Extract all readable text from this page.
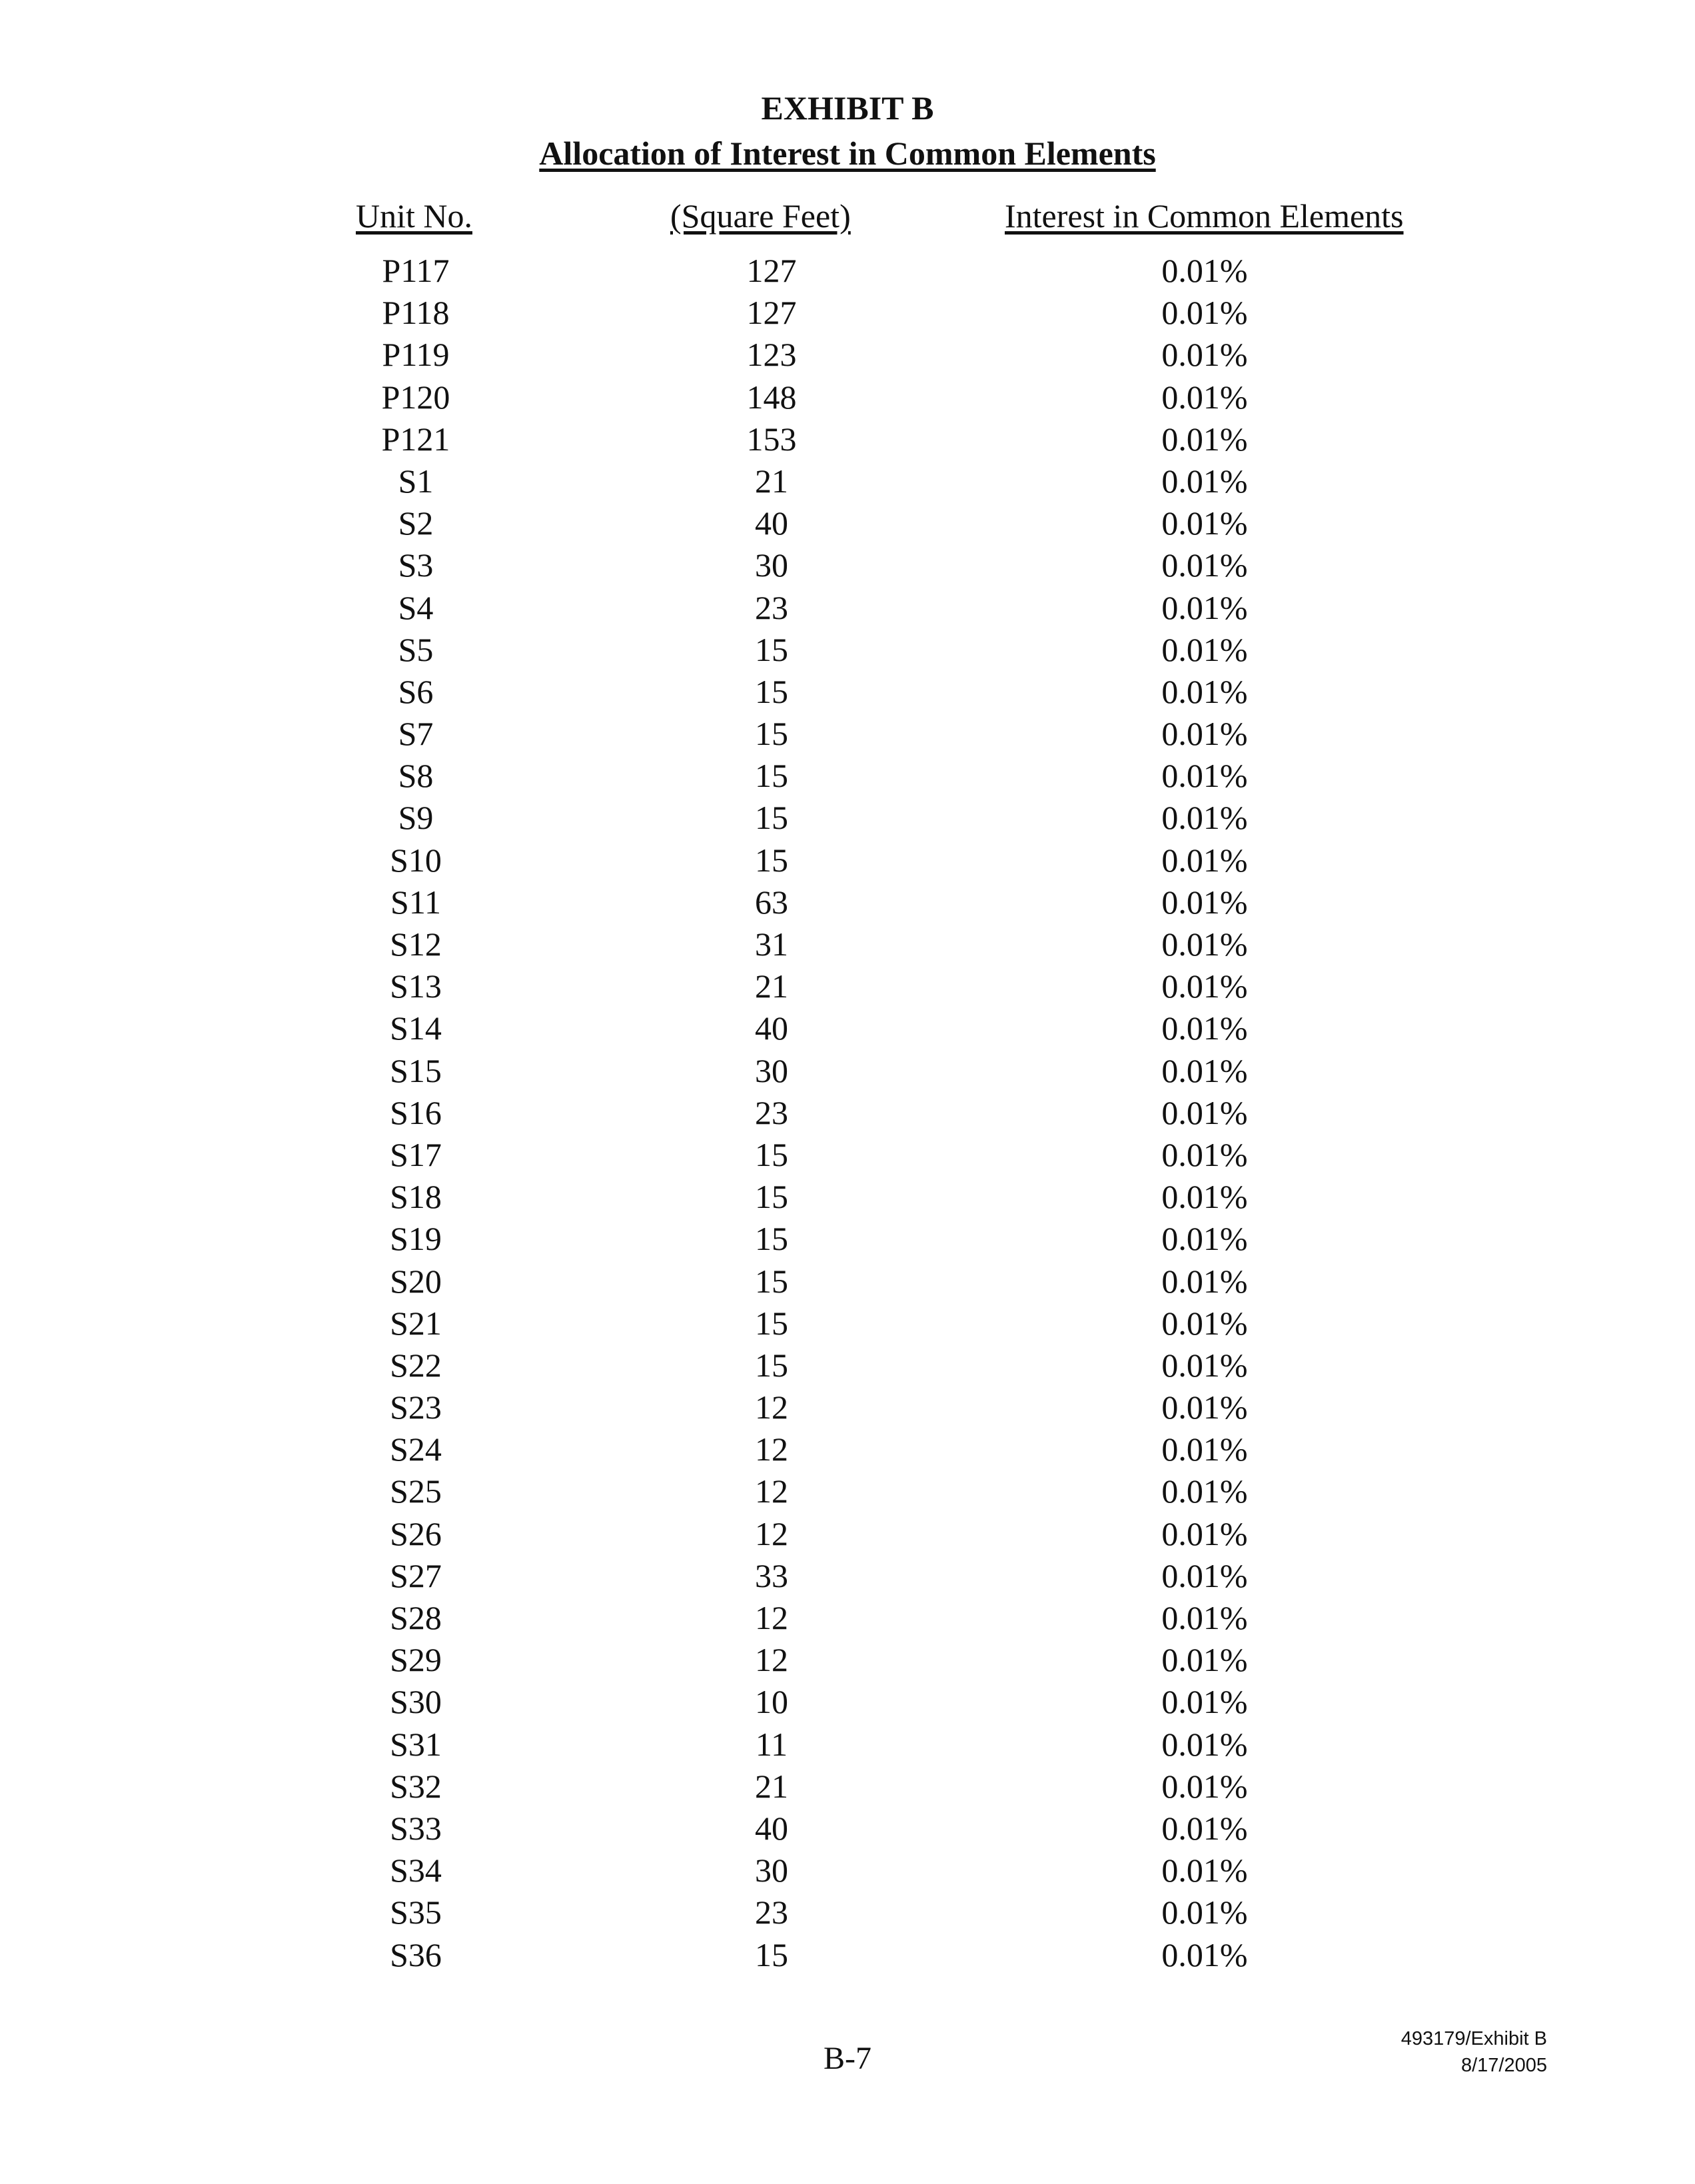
EXHIBIT B
Allocation of Interest in Common Elements
Unit No.	(Square Feet)	Interest in Common Elements
P117	127	0.01%
P118	127	0.01%
P119	123	0.01%
P120	148	0.01%
P121	153	0.01%
S1	21	0.01%
S2	40	0.01%
S3	30	0.01%
S4	23	0.01%
S5	15	0.01%
S6	15	0.01%
S7	15	0.01%
S8	15	0.01%
S9	15	0.01%
S10	15	0.01%
S11	63	0.01%
S12	31	0.01%
S13	21	0.01%
S14	40	0.01%
S15	30	0.01%
S16	23	0.01%
S17	15	0.01%
S18	15	0.01%
S19	15	0.01%
S20	15	0.01%
S21	15	0.01%
S22	15	0.01%
S23	12	0.01%
S24	12	0.01%
S25	12	0.01%
S26	12	0.01%
S27	33	0.01%
S28	12	0.01%
S29	12	0.01%
S30	10	0.01%
S31	11	0.01%
S32	21	0.01%
S33	40	0.01%
S34	30	0.01%
S35	23	0.01%
S36	15	0.01%
B-7
493179/Exhibit B
8/17/2005
